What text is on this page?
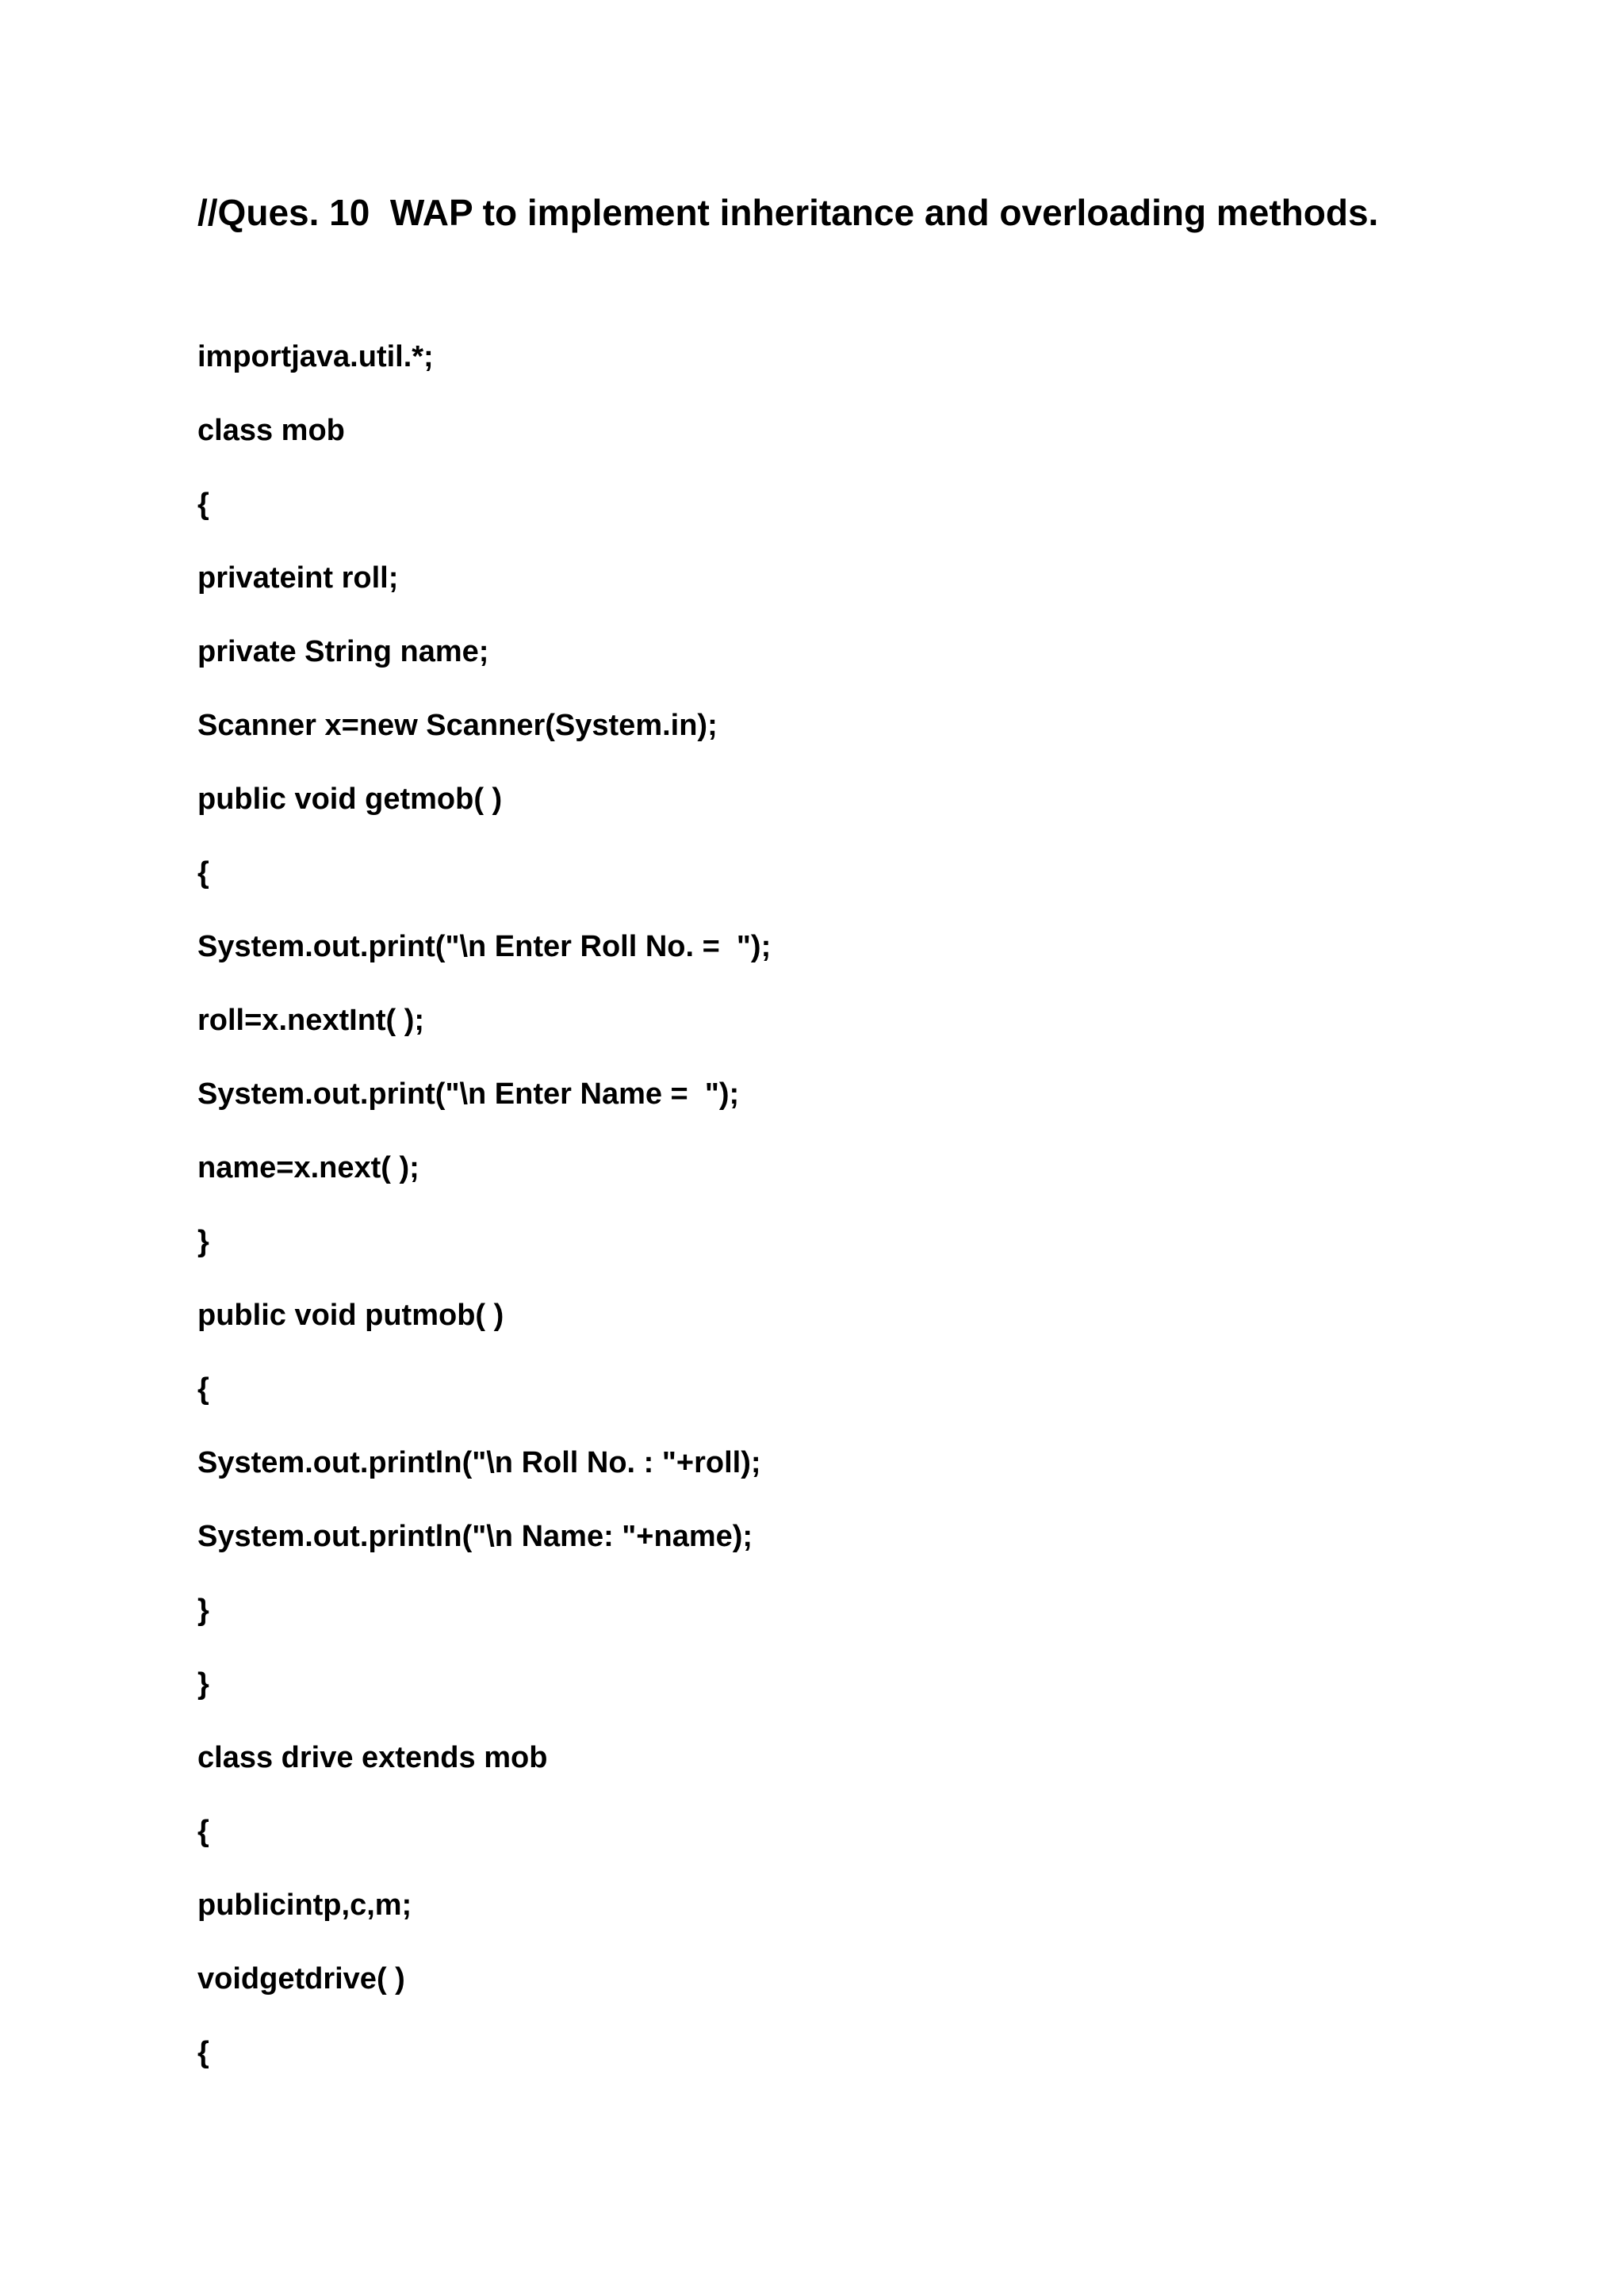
//Ques. 10  WAP to implement inheritance and overloading methods.
importjava.util.*;
class mob
{
privateint roll;
private String name;
Scanner x=new Scanner(System.in);
public void getmob( )
{
System.out.print("\n Enter Roll No. =  ");
roll=x.nextInt( );
System.out.print("\n Enter Name =  ");
name=x.next( );
}
public void putmob( )
{
System.out.println("\n Roll No. : "+roll);
System.out.println("\n Name: "+name);
}
}
class drive extends mob
{
publicintp,c,m;
voidgetdrive( )
{
